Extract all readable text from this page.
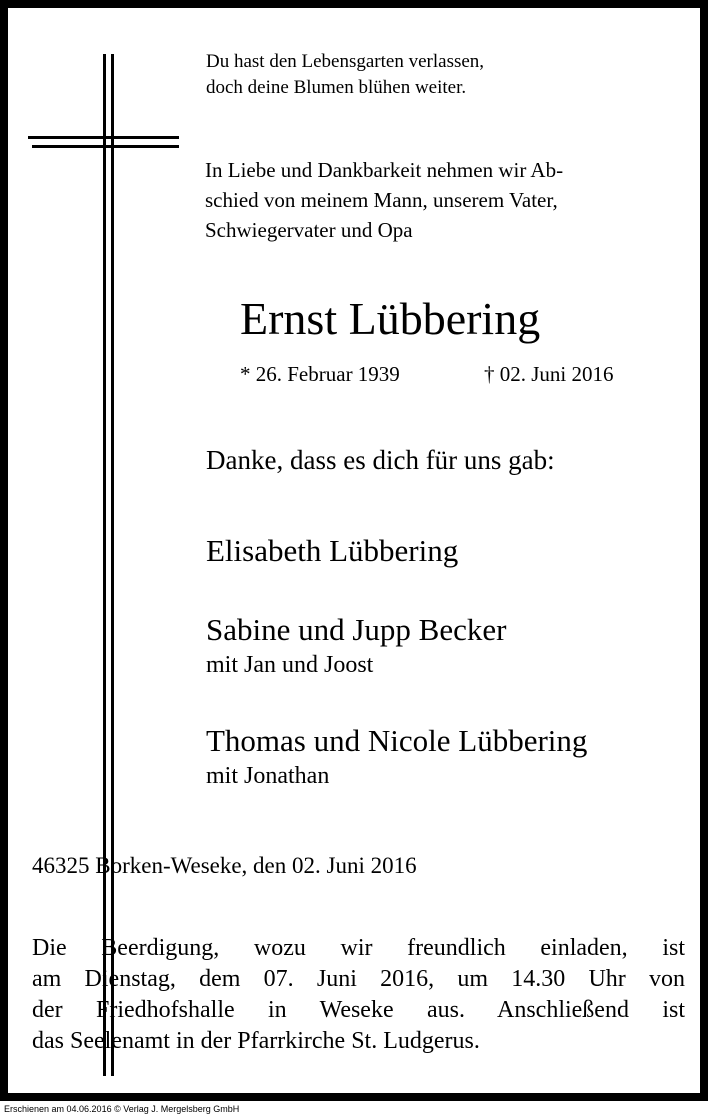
Du hast den Lebensgarten verlassen,
doch deine Blumen blühen weiter.
In Liebe und Dankbarkeit nehmen wir Ab-
schied von meinem Mann, unserem Vater,
Schwiegervater und Opa
Ernst Lübbering
* 26. Februar 1939	† 02. Juni 2016
Danke, dass es dich für uns gab:
Elisabeth Lübbering
Sabine und Jupp Becker
mit Jan und Joost
Thomas und Nicole Lübbering
mit Jonathan
46325 Borken-Weseke, den 02. Juni 2016
Die Beerdigung, wozu wir freundlich einladen, ist
am Dienstag, dem 07. Juni 2016, um 14.30 Uhr von
der Friedhofshalle in Weseke aus. Anschließend ist
das Seelenamt in der Pfarrkirche St. Ludgerus.
Erschienen am 04.06.2016 © Verlag J. Mergelsberg GmbH
